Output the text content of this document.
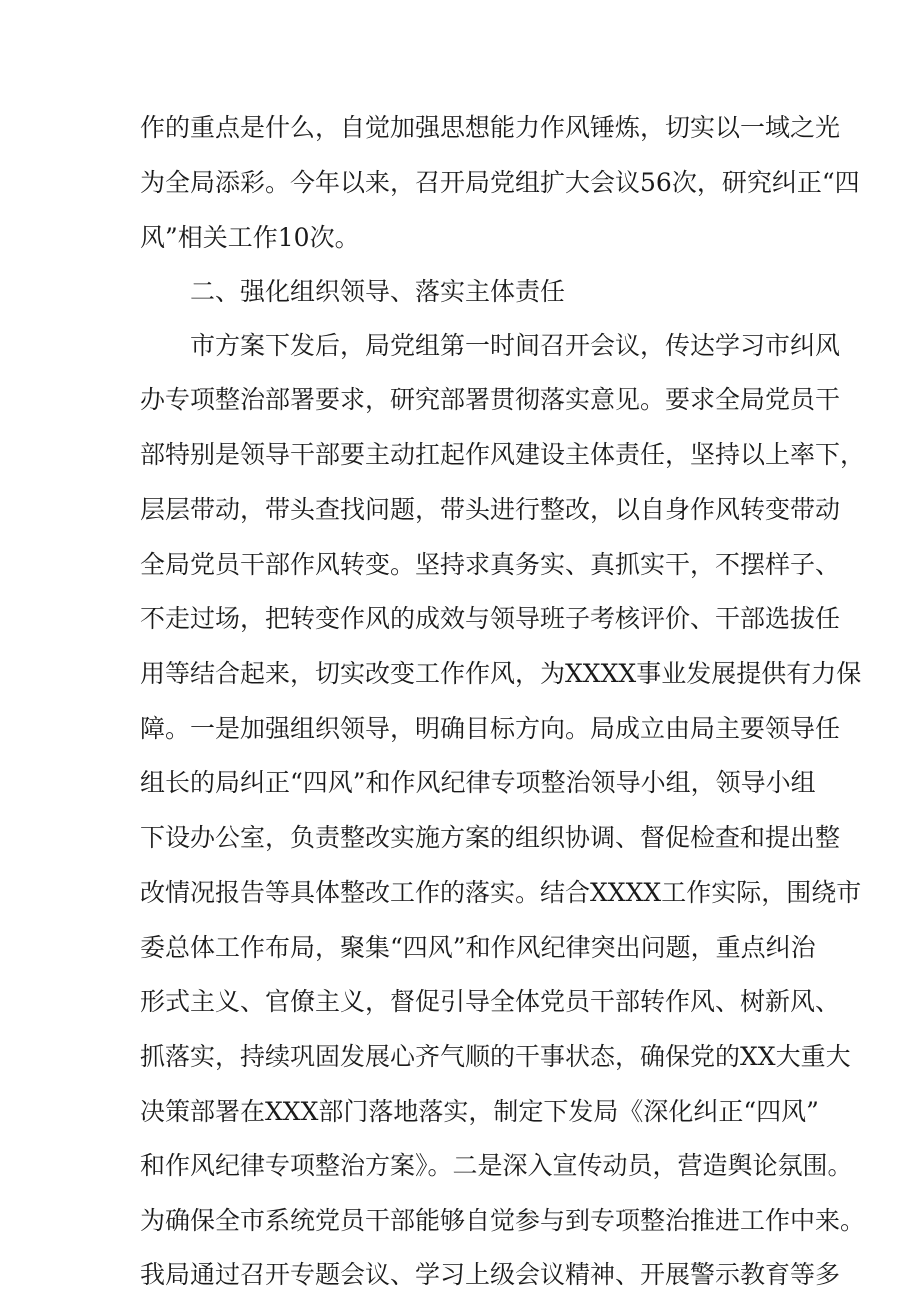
作的重点是什么，自觉加强思想能力作风锤炼，切实以一域之光
为全局添彩。今年以来，召开局党组扩大会议56次，研究纠正“四
风”相关工作10次。
二、强化组织领导、落实主体责任
市方案下发后，局党组第一时间召开会议，传达学习市纠风
办专项整治部署要求，研究部署贯彻落实意见。要求全局党员干
部特别是领导干部要主动扛起作风建设主体责任，坚持以上率下，
层层带动，带头查找问题，带头进行整改，以自身作风转变带动
全局党员干部作风转变。坚持求真务实、真抓实干，不摆样子、
不走过场，把转变作风的成效与领导班子考核评价、干部选拔任
用等结合起来，切实改变工作作风，为XXXX事业发展提供有力保
障。一是加强组织领导，明确目标方向。局成立由局主要领导任
组长的局纠正“四风”和作风纪律专项整治领导小组，领导小组
下设办公室，负责整改实施方案的组织协调、督促检查和提出整
改情况报告等具体整改工作的落实。结合XXXX工作实际，围绕市
委总体工作布局，聚集“四风”和作风纪律突出问题，重点纠治
形式主义、官僚主义，督促引导全体党员干部转作风、树新风、
抓落实，持续巩固发展心齐气顺的干事状态，确保党的XX大重大
决策部署在XXX部门落地落实，制定下发局《深化纠正“四风”
和作风纪律专项整治方案》。二是深入宣传动员，营造舆论氛围。
为确保全市系统党员干部能够自觉参与到专项整治推进工作中来。
我局通过召开专题会议、学习上级会议精神、开展警示教育等多
